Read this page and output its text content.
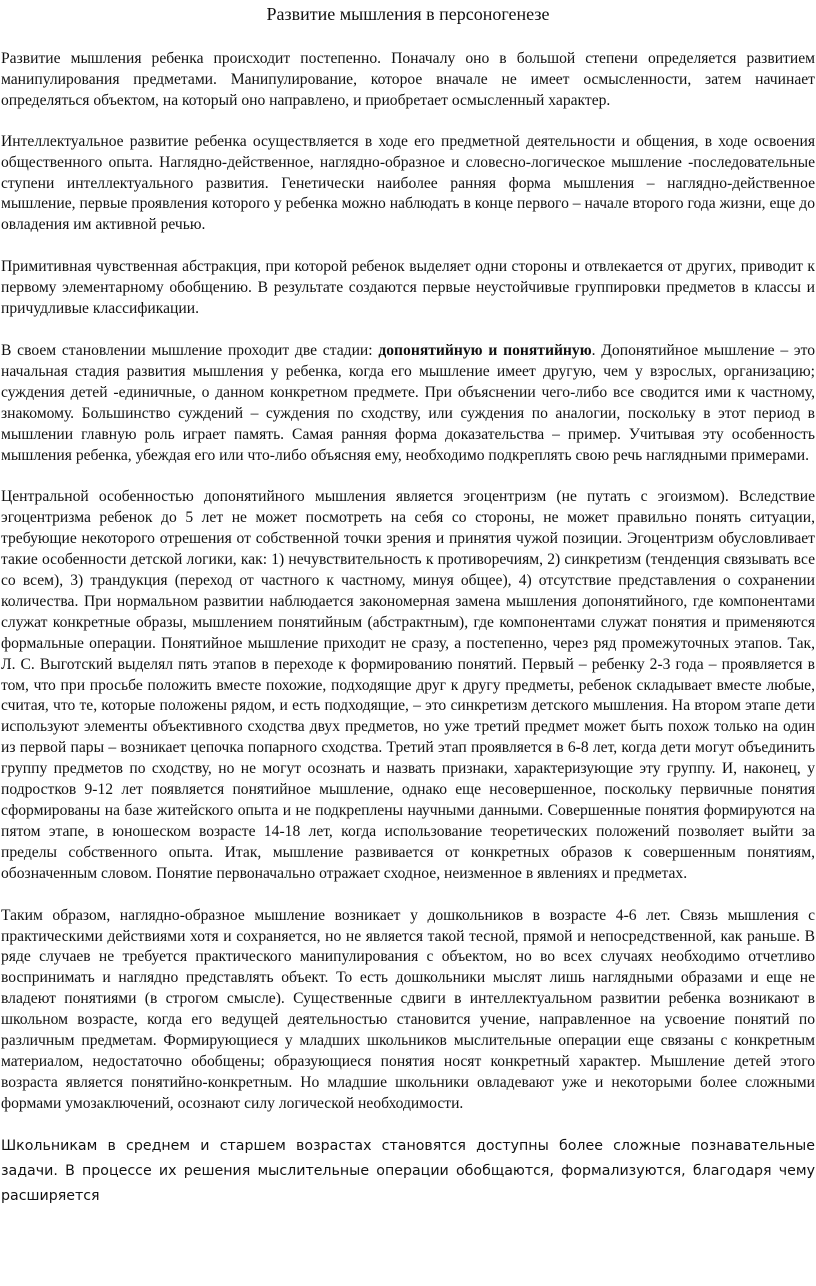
Развитие мышления в персоногенезе

Развитие мышления ребенка происходит постепенно. Поначалу оно в большой степени определяется развитием манипулирования предметами. Манипулирование, которое вначале не имеет осмысленности, затем начинает определяться объектом, на который оно направлено, и приобретает осмысленный характер.

Интеллектуальное развитие ребенка осуществляется в ходе его предметной деятельности и общения, в ходе освоения общественного опыта. Наглядно-действенное, наглядно-образное и словесно-логическое мышление -последовательные ступени интеллектуального развития. Генетически наиболее ранняя форма мышления – наглядно-действенное мышление, первые проявления которого у ребенка можно наблюдать в конце первого – начале второго года жизни, еще до овладения им активной речью.

Примитивная чувственная абстракция, при которой ребенок выделяет одни стороны и отвлекается от других, приводит к первому элементарному обобщению. В результате создаются первые неустойчивые группировки предметов в классы и причудливые классификации.

В своем становлении мышление проходит две стадии: допонятийную и понятийную. Допонятийное мышление – это начальная стадия развития мышления у ребенка, когда его мышление имеет другую, чем у взрослых, организацию; суждения детей -единичные, о данном конкретном предмете. При объяснении чего-либо все сводится ими к частному, знакомому. Большинство суждений – суждения по сходству, или суждения по аналогии, поскольку в этот период в мышлении главную роль играет память. Самая ранняя форма доказательства – пример. Учитывая эту особенность мышления ребенка, убеждая его или что-либо объясняя ему, необходимо подкреплять свою речь наглядными примерами.

Центральной особенностью допонятийного мышления является эгоцентризм (не путать с эгоизмом). Вследствие эгоцентризма ребенок до 5 лет не может посмотреть на себя со стороны, не может правильно понять ситуации, требующие некоторого отрешения от собственной точки зрения и принятия чужой позиции. Эгоцентризм обусловливает такие особенности детской логики, как: 1) нечувствительность к противоречиям, 2) синкретизм (тенденция связывать все со всем), 3) трандукция (переход от частного к частному, минуя общее), 4) отсутствие представления о сохранении количества. При нормальном развитии наблюдается закономерная замена мышления допонятийного, где компонентами служат конкретные образы, мышлением понятийным (абстрактным), где компонентами служат понятия и применяются формальные операции. Понятийное мышление приходит не сразу, а постепенно, через ряд промежуточных этапов. Так, Л. С. Выготский выделял пять этапов в переходе к формированию понятий. Первый – ребенку 2-3 года – проявляется в том, что при просьбе положить вместе похожие, подходящие друг к другу предметы, ребенок складывает вместе любые, считая, что те, которые положены рядом, и есть подходящие, – это синкретизм детского мышления. На втором этапе дети используют элементы объективного сходства двух предметов, но уже третий предмет может быть похож только на один из первой пары – возникает цепочка попарного сходства. Третий этап проявляется в 6-8 лет, когда дети могут объединить группу предметов по сходству, но не могут осознать и назвать признаки, характеризующие эту группу. И, наконец, у подростков 9-12 лет появляется понятийное мышление, однако еще несовершенное, поскольку первичные понятия сформированы на базе житейского опыта и не подкреплены научными данными. Совершенные понятия формируются на пятом этапе, в юношеском возрасте 14-18 лет, когда использование теоретических положений позволяет выйти за пределы собственного опыта. Итак, мышление развивается от конкретных образов к совершенным понятиям, обозначенным словом. Понятие первоначально отражает сходное, неизменное в явлениях и предметах.

Таким образом, наглядно-образное мышление возникает у дошкольников в возрасте 4-6 лет. Связь мышления с практическими действиями хотя и сохраняется, но не является такой тесной, прямой и непосредственной, как раньше. В ряде случаев не требуется практического манипулирования с объектом, но во всех случаях необходимо отчетливо воспринимать и наглядно представлять объект. То есть дошкольники мыслят лишь наглядными образами и еще не владеют понятиями (в строгом смысле). Существенные сдвиги в интеллектуальном развитии ребенка возникают в школьном возрасте, когда его ведущей деятельностью становится учение, направленное на усвоение понятий по различным предметам. Формирующиеся у младших школьников мыслительные операции еще связаны с конкретным материалом, недостаточно обобщены; образующиеся понятия носят конкретный характер. Мышление детей этого возраста является понятийно-конкретным. Но младшие школьники овладевают уже и некоторыми более сложными формами умозаключений, осознают силу логической необходимости.

Школьникам в среднем и старшем возрастах становятся доступны более сложные познавательные задачи. В процессе их решения мыслительные операции обобщаются, формализуются, благодаря чему расширяется
